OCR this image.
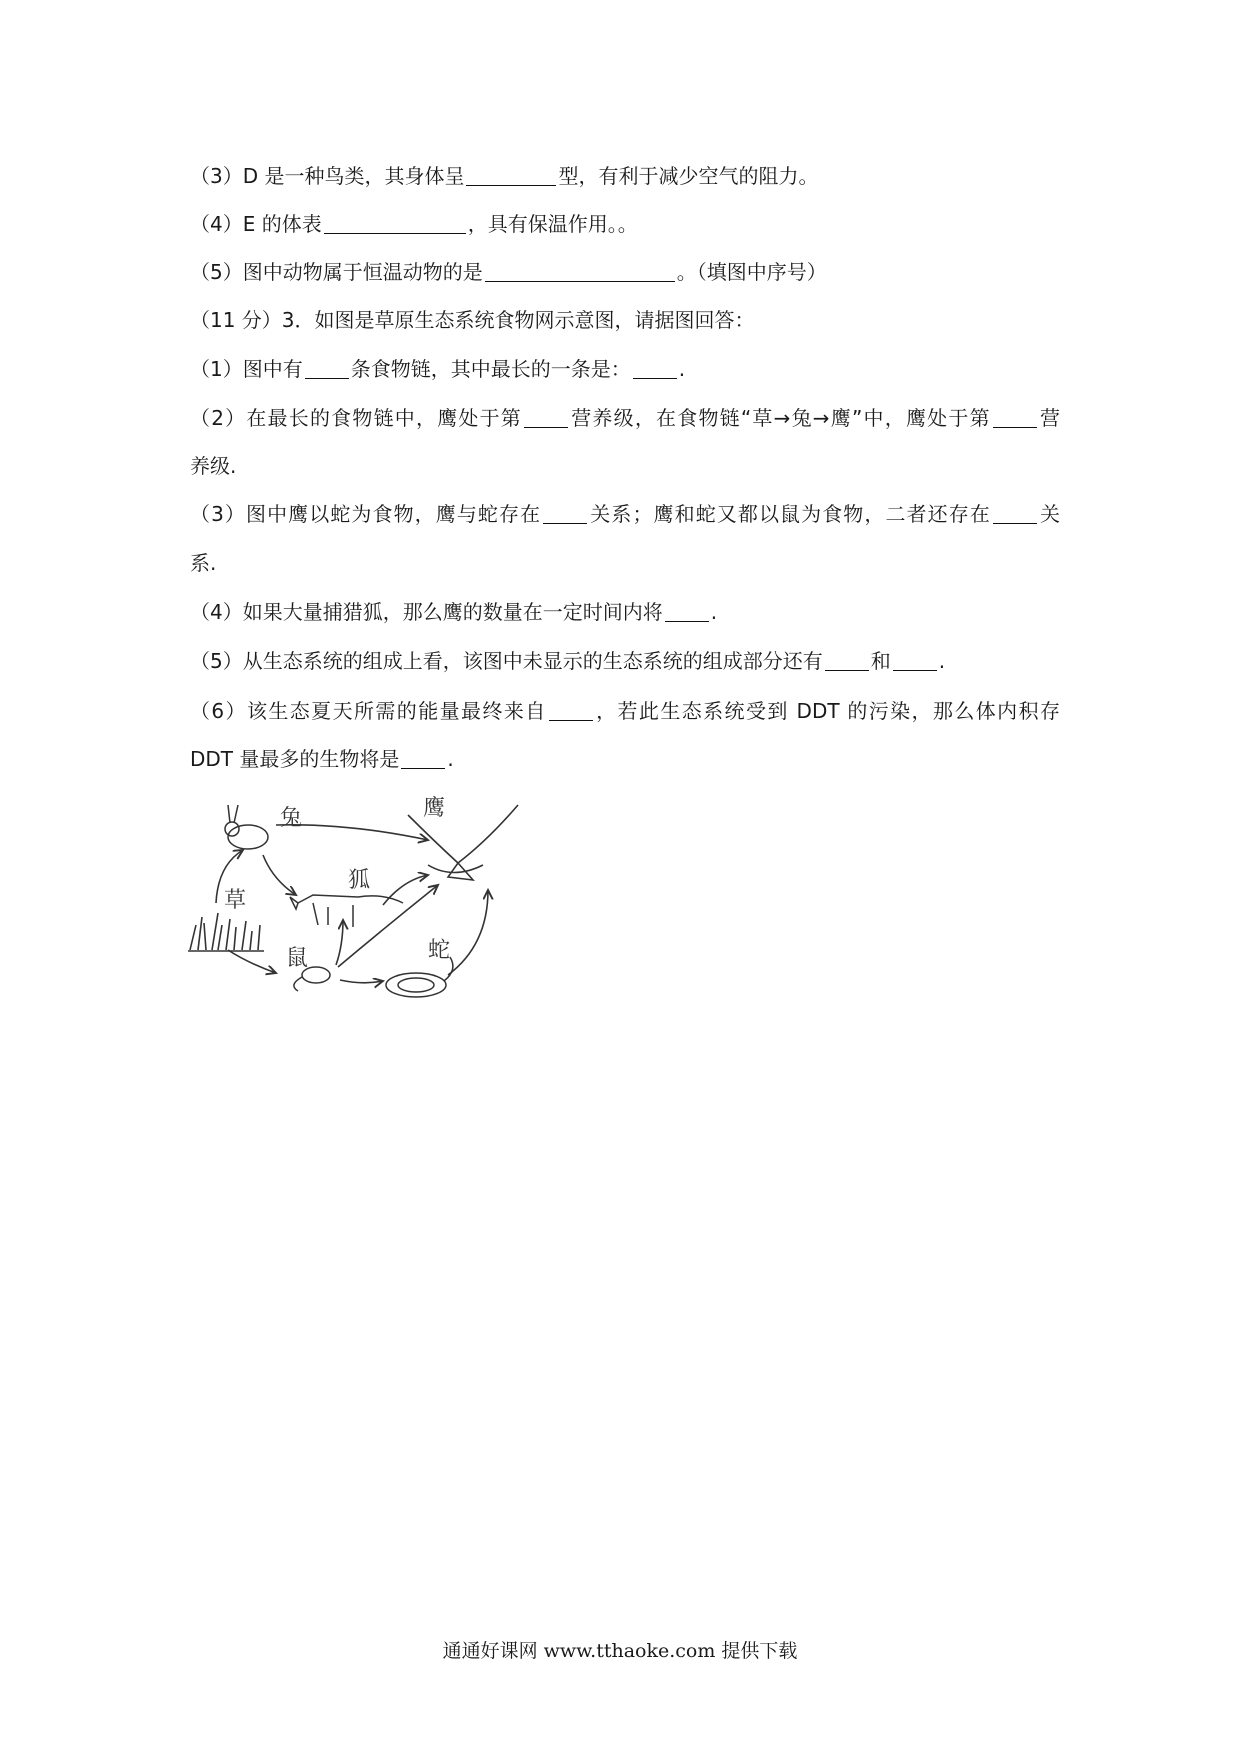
（3）D 是一种鸟类，其身体呈	型，有利于减少空气的阻力。
（4）E 的体表	，具有保温作用。。
（5）图中动物属于恒温动物的是	。（填图中序号）
（11 分）3．如图是草原生态系统食物网示意图，请据图回答：
（1）图中有 条食物链，其中最长的一条是： .
（2）在最长的食物链中，鹰处于第 营养级，在食物链“草→兔→鹰”中，鹰处于第 营
养级.
（3）图中鹰以蛇为食物，鹰与蛇存在 关系；鹰和蛇又都以鼠为食物，二者还存在 关
系.
（4）如果大量捕猎狐，那么鹰的数量在一定时间内将 .
（5）从生态系统的组成上看，该图中未显示的生态系统的组成部分还有 和 .
（6）该生态夏天所需的能量最终来自 ，若此生态系统受到 DDT 的污染，那么体内积存
DDT 量最多的生物将是 .
兔	鹰
狐
草
鼠	蛇
通通好课网 www.tthaoke.com 提供下载
